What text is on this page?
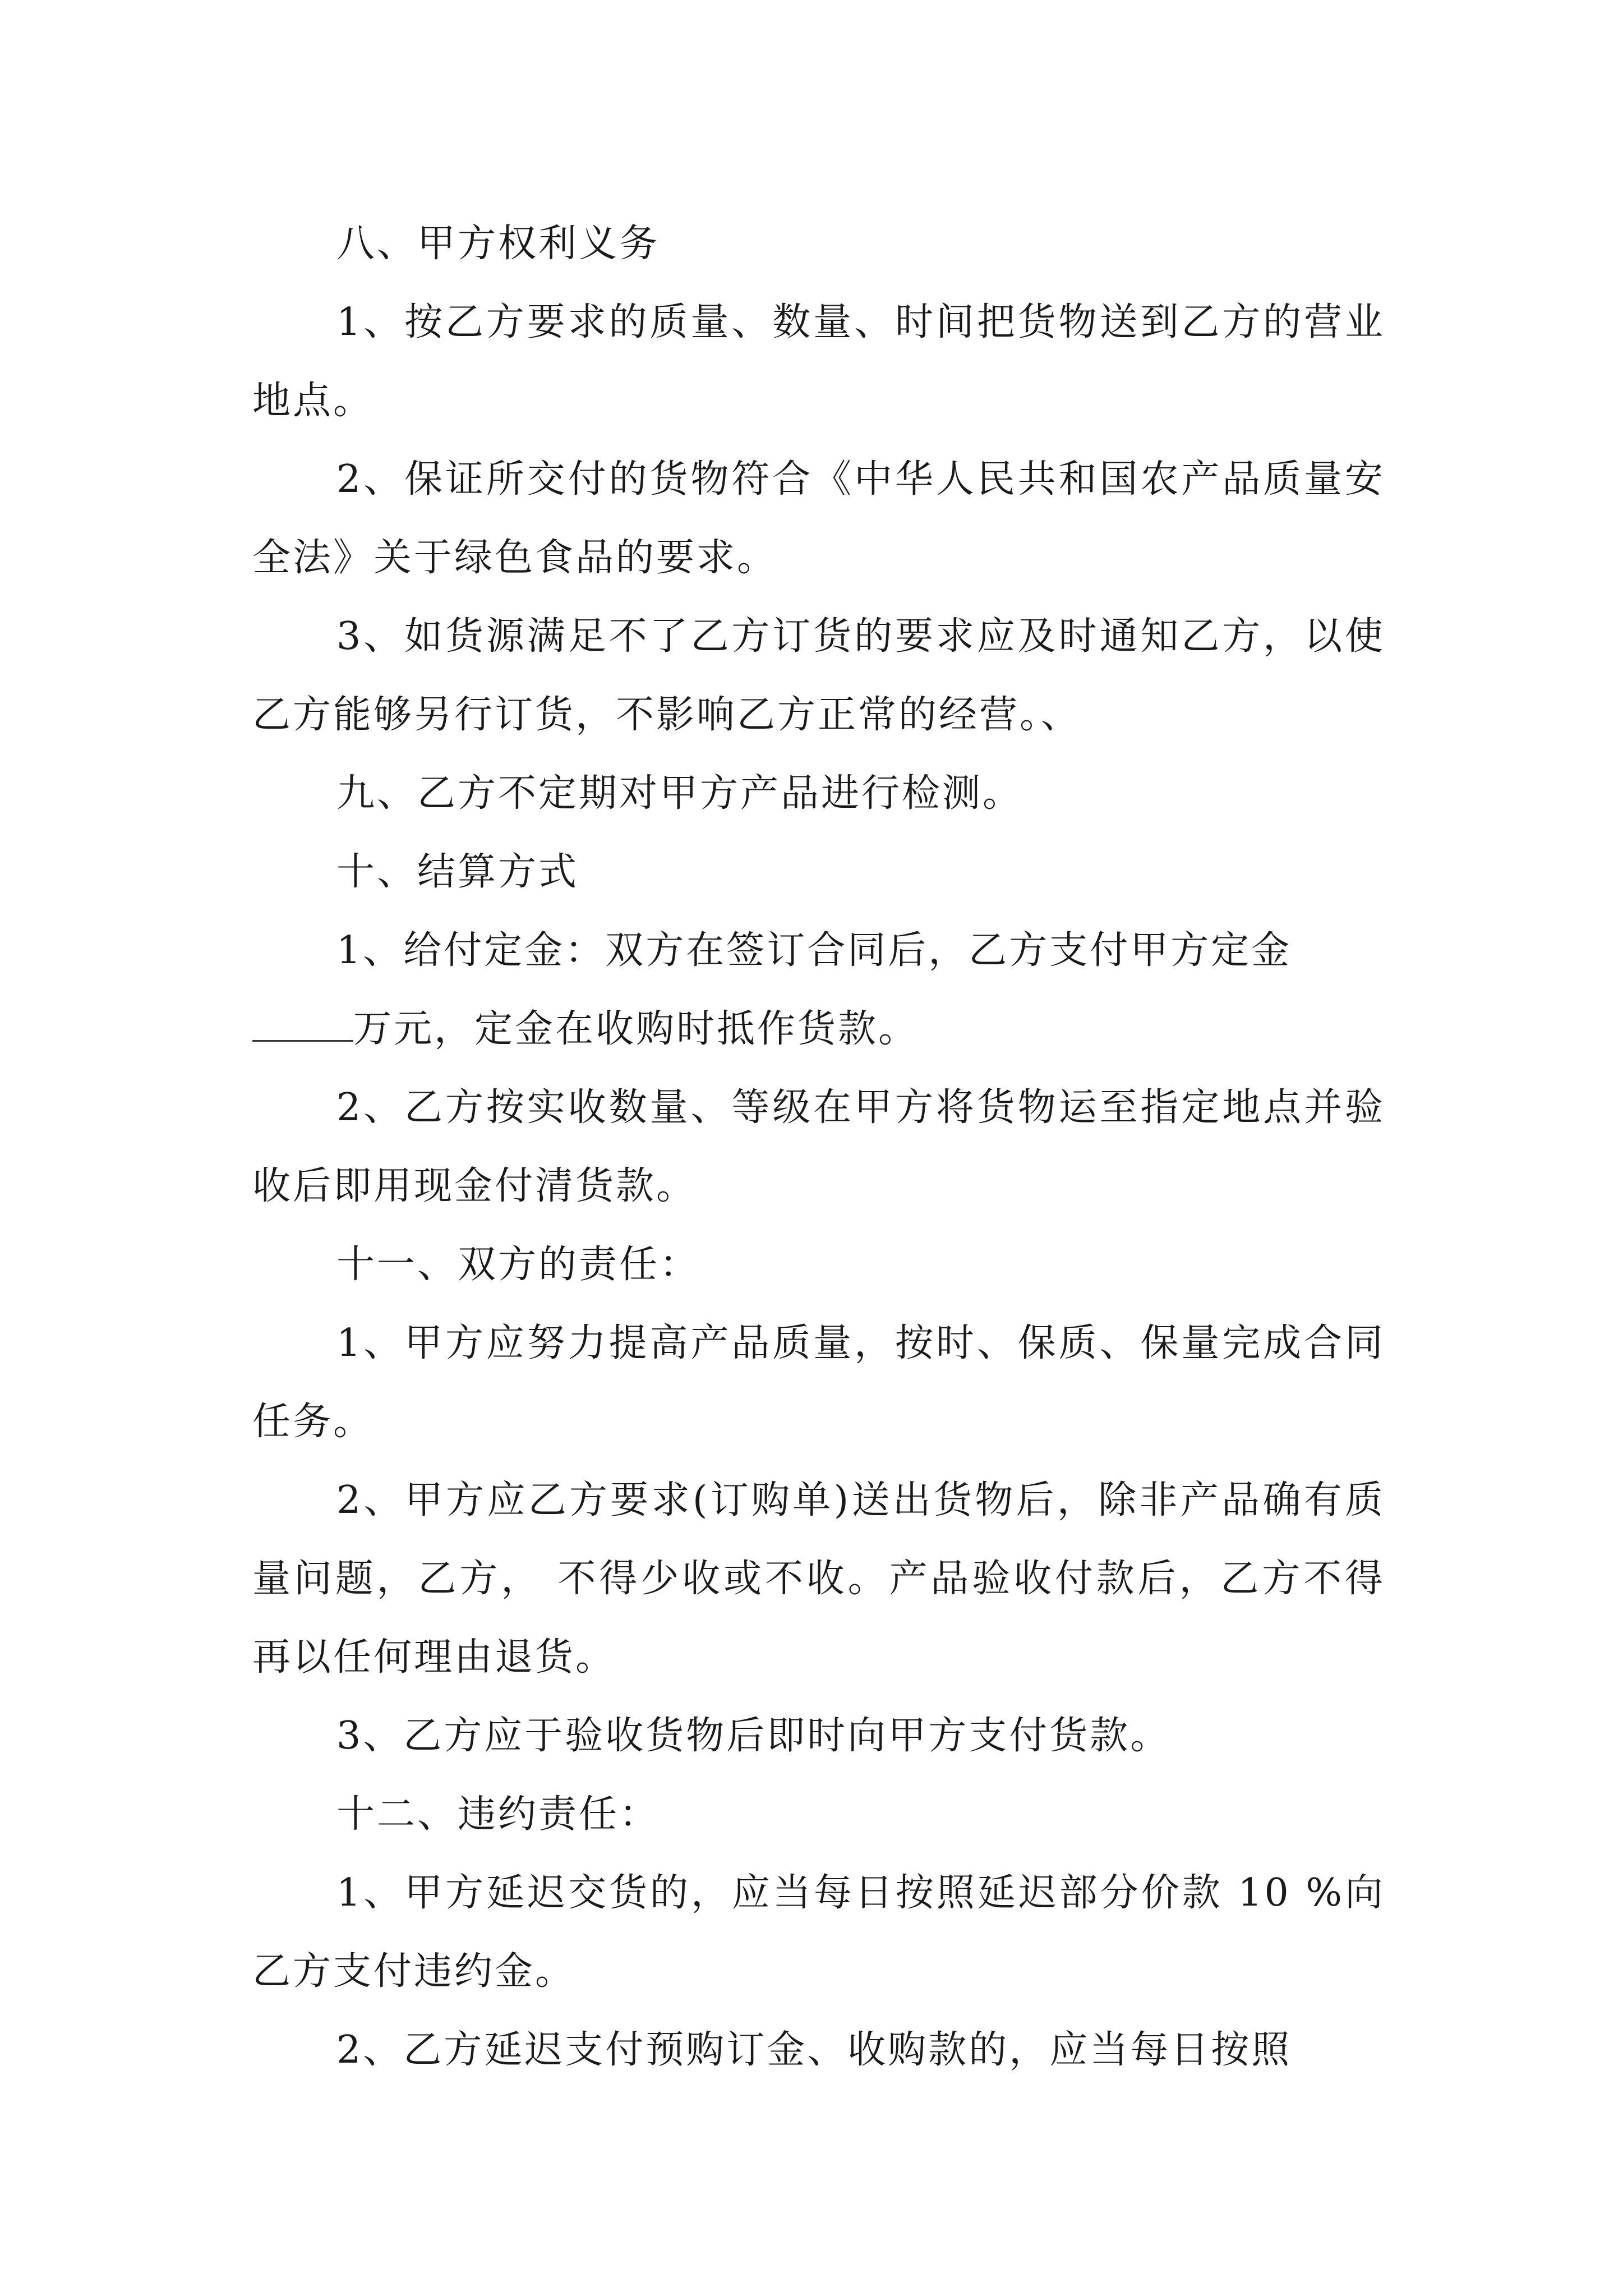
八、甲方权利义务

1、按乙方要求的质量、数量、时间把货物送到乙方的营业地点。

2、保证所交付的货物符合《中华人民共和国农产品质量安全法》关于绿色食品的要求。

3、如货源满足不了乙方订货的要求应及时通知乙方，以使乙方能够另行订货，不影响乙方正常的经营。、

九、乙方不定期对甲方产品进行检测。

十、结算方式

1、给付定金：双方在签订合同后，乙方支付甲方定金
万元，定金在收购时抵作货款。

2、乙方按实收数量、等级在甲方将货物运至指定地点并验收后即用现金付清货款。

十一、双方的责任：

1、甲方应努力提高产品质量，按时、保质、保量完成合同任务。

2、甲方应乙方要求(订购单)送出货物后，除非产品确有质量问题，乙方， 不得少收或不收。产品验收付款后，乙方不得再以任何理由退货。

3、乙方应于验收货物后即时向甲方支付货款。

十二、违约责任：

1、甲方延迟交货的，应当每日按照延迟部分价款 10 %向乙方支付违约金。

2、乙方延迟支付预购订金、收购款的，应当每日按照
